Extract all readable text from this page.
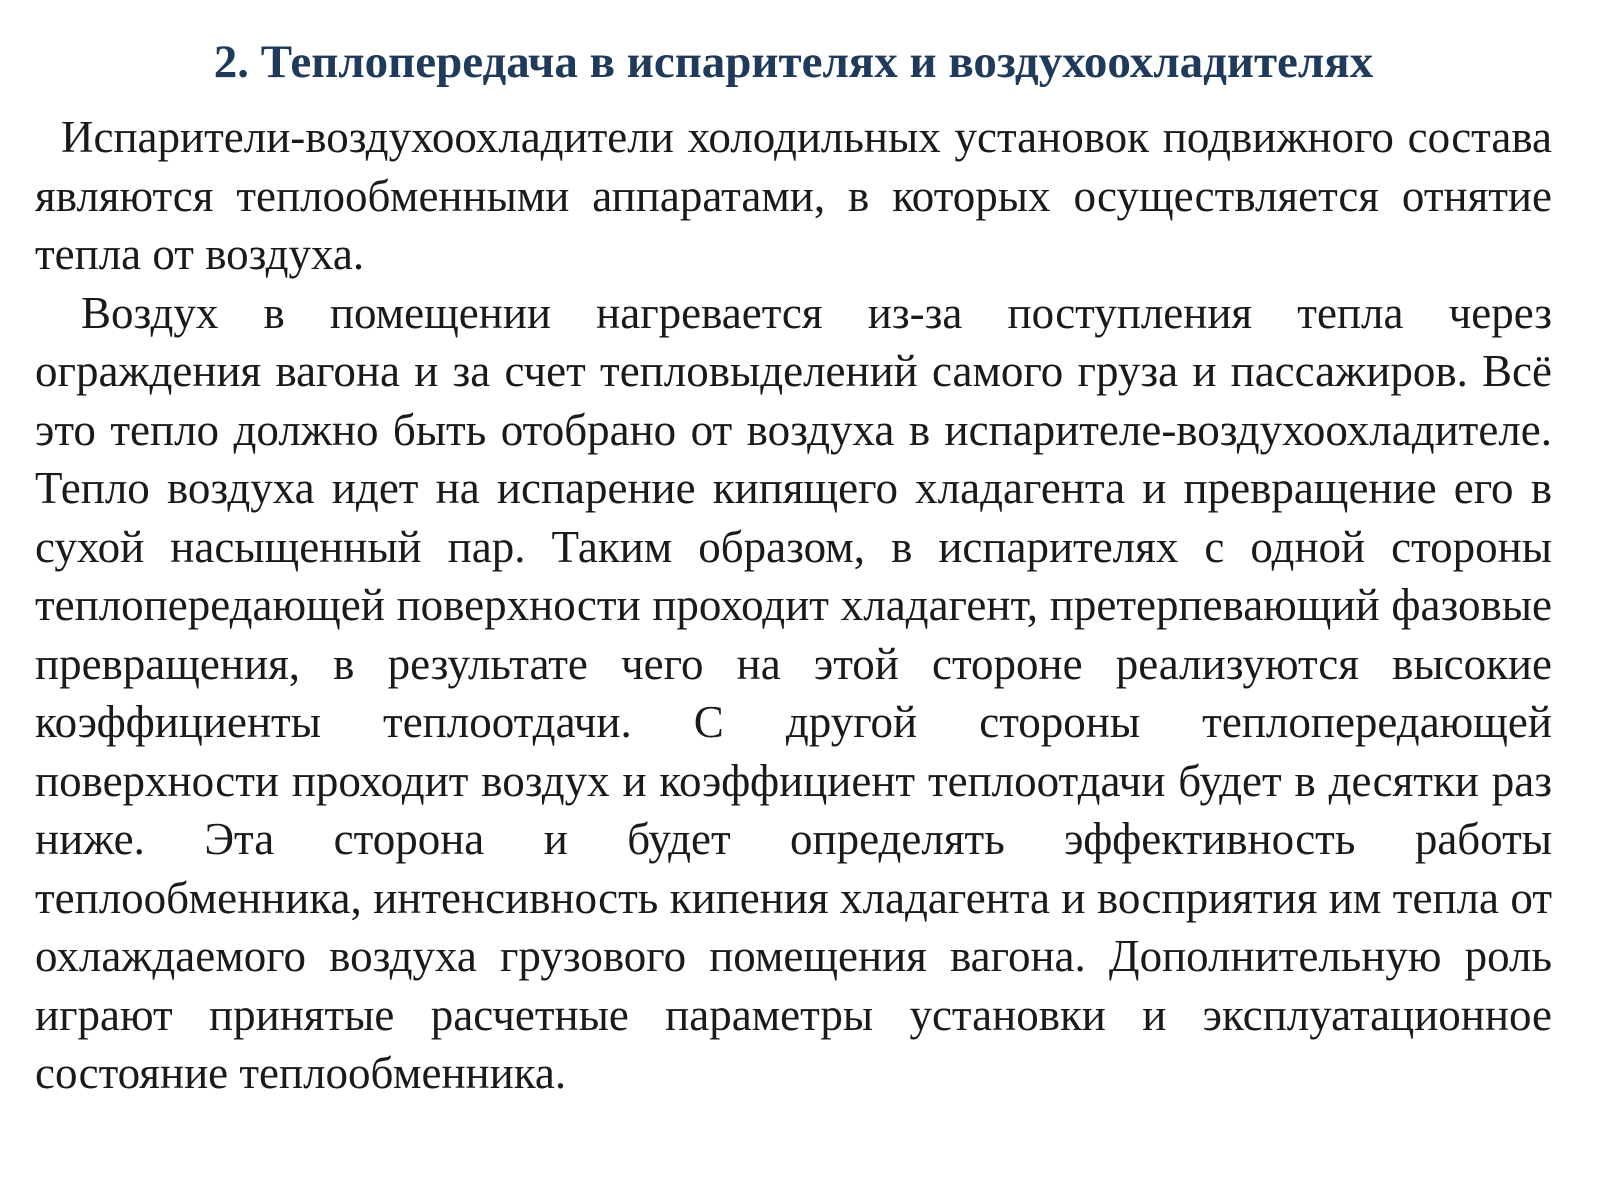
2. Теплопередача в испарителях и воздухоохладителях

Испарители-воздухоохладители холодильных установок подвижного состава являются теплообменными аппаратами, в которых осуществляется отнятие тепла от воздуха.

Воздух в помещении нагревается из-за поступления тепла через ограждения вагона и за счет тепловыделений самого груза и пассажиров. Всё это тепло должно быть отобрано от воздуха в испарителе-воздухоохладителе. Тепло воздуха идет на испарение кипящего хладагента и превращение его в сухой насыщенный пар. Таким образом, в испарителях с одной стороны теплопередающей поверхности проходит хладагент, претерпевающий фазовые превращения, в результате чего на этой стороне реализуются высокие коэффициенты теплоотдачи. С другой стороны теплопередающей поверхности проходит воздух и коэффициент теплоотдачи будет в десятки раз ниже. Эта сторона и будет определять эффективность работы теплообменника, интенсивность кипения хладагента и восприятия им тепла от охлаждаемого воздуха грузового помещения вагона. Дополнительную роль играют принятые расчетные параметры установки и эксплуатационное состояние теплообменника.
